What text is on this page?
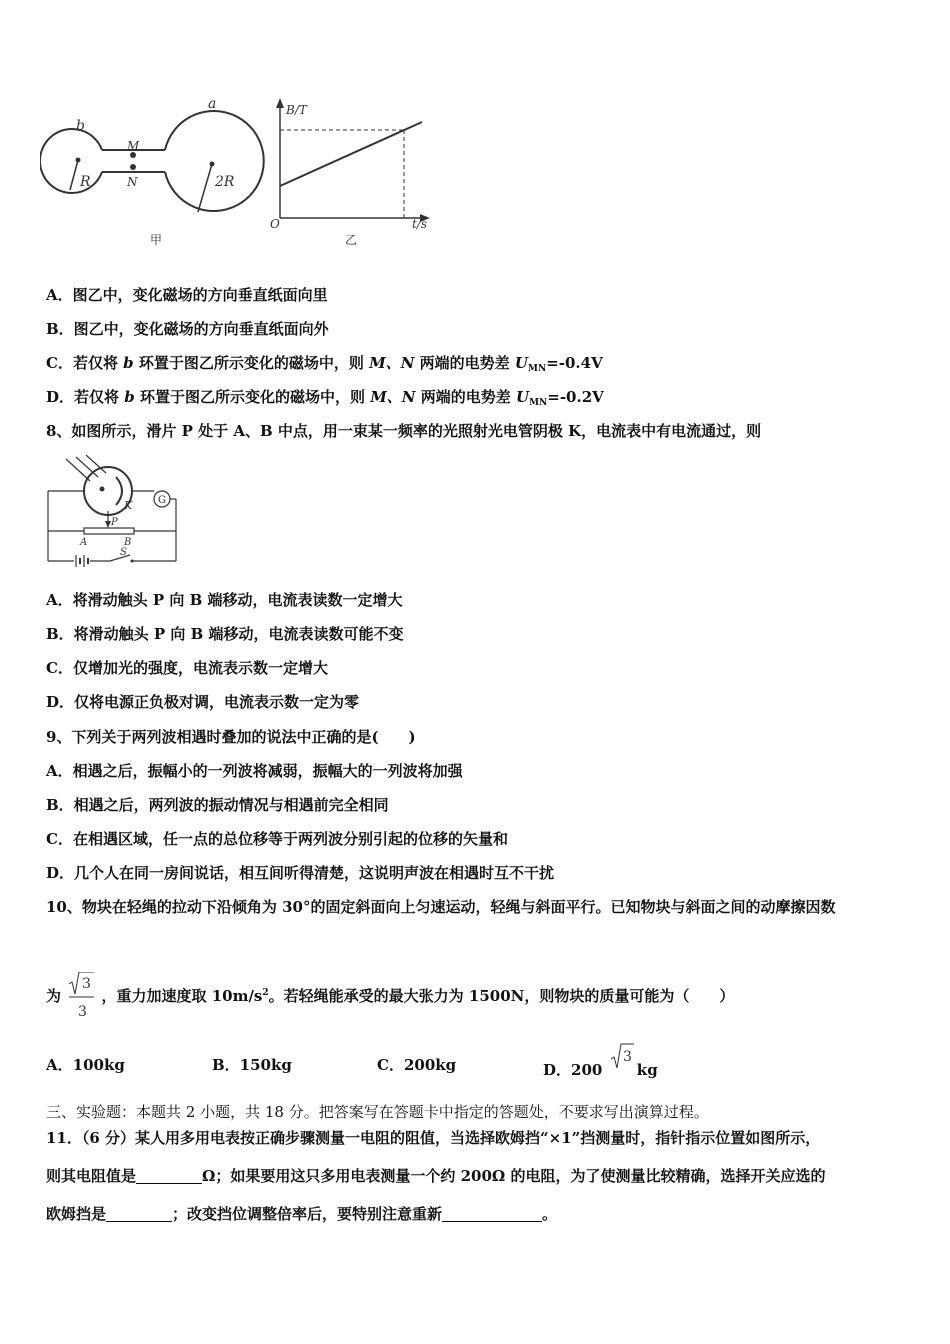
b
a
M
N
R	2R
甲
B/T
O	t/s
乙
A．图乙中，变化磁场的方向垂直纸面向里
B．图乙中，变化磁场的方向垂直纸面向外
C．若仅将 b 环置于图乙所示变化的磁场中，则 M、N 两端的电势差 $U_{MN}=-0.4V$
D．若仅将 b 环置于图乙所示变化的磁场中，则 M、N 两端的电势差 $U_{MN}=-0.2V$
8、如图所示，滑片 P 处于 A、B 中点，用一束某一频率的光照射光电管阴极 K，电流表中有电流通过，则
K	G
P
A	B
S
A．将滑动触头 P 向 B 端移动，电流表读数一定增大
B．将滑动触头 P 向 B 端移动，电流表读数可能不变
C．仅增加光的强度，电流表示数一定增大
D．仅将电源正负极对调，电流表示数一定为零
9、下列关于两列波相遇时叠加的说法中正确的是(　　)
A．相遇之后，振幅小的一列波将减弱，振幅大的一列波将加强
B．相遇之后，两列波的振动情况与相遇前完全相同
C．在相遇区域，任一点的总位移等于两列波分别引起的位移的矢量和
D．几个人在同一房间说话，相互间听得清楚，这说明声波在相遇时互不干扰
10、物块在轻绳的拉动下沿倾角为 30°的固定斜面向上匀速运动，轻绳与斜面平行。已知物块与斜面之间的动摩擦因数
为
3
3
，重力加速度取 $10m/s^2$。若轻绳能承受的最大张力为 1500N，则物块的质量可能为（　　）
A．100kg	B．150kg	C．200kg	D．200
3
kg
三、实验题：本题共 2 小题，共 18 分。把答案写在答题卡中指定的答题处，不要求写出演算过程。
11．（6 分）某人用多用电表按正确步骤测量一电阻的阻值，当选择欧姆挡“×1”挡测量时，指针指示位置如图所示，
则其电阻值是	Ω；如果要用这只多用电表测量一个约 200Ω 的电阻，为了使测量比较精确，选择开关应选的
欧姆挡是	；改变挡位调整倍率后，要特别注意重新	。
